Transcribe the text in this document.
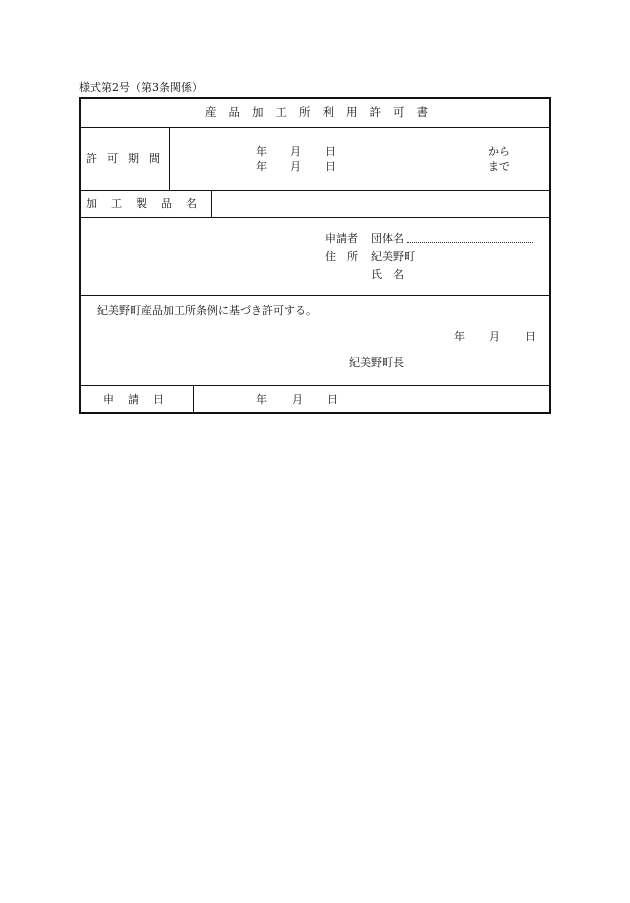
様式第2号（第3条関係）
産品加工所利用許可書
許可期間
年 月 日	から
年 月 日	まで
加工製品名
申請者 団体名
住　所 紀美野町
氏　名
紀美野町産品加工所条例に基づき許可する。
年 月 日
紀美野町長
申請日	年 月 日
